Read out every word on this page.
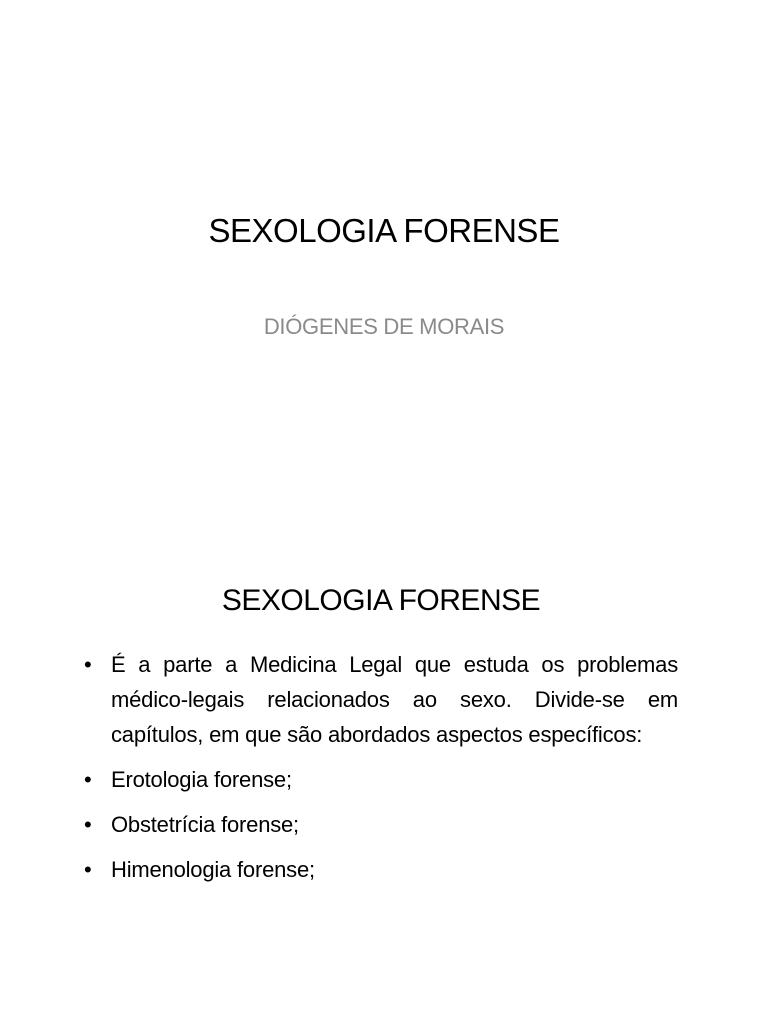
SEXOLOGIA FORENSE
DIÓGENES DE MORAIS
SEXOLOGIA FORENSE
• É a parte a Medicina Legal que estuda os problemas médico-legais relacionados ao sexo. Divide-se em capítulos, em que são abordados aspectos específicos:
• Erotologia forense;
• Obstetrícia forense;
• Himenologia forense;
